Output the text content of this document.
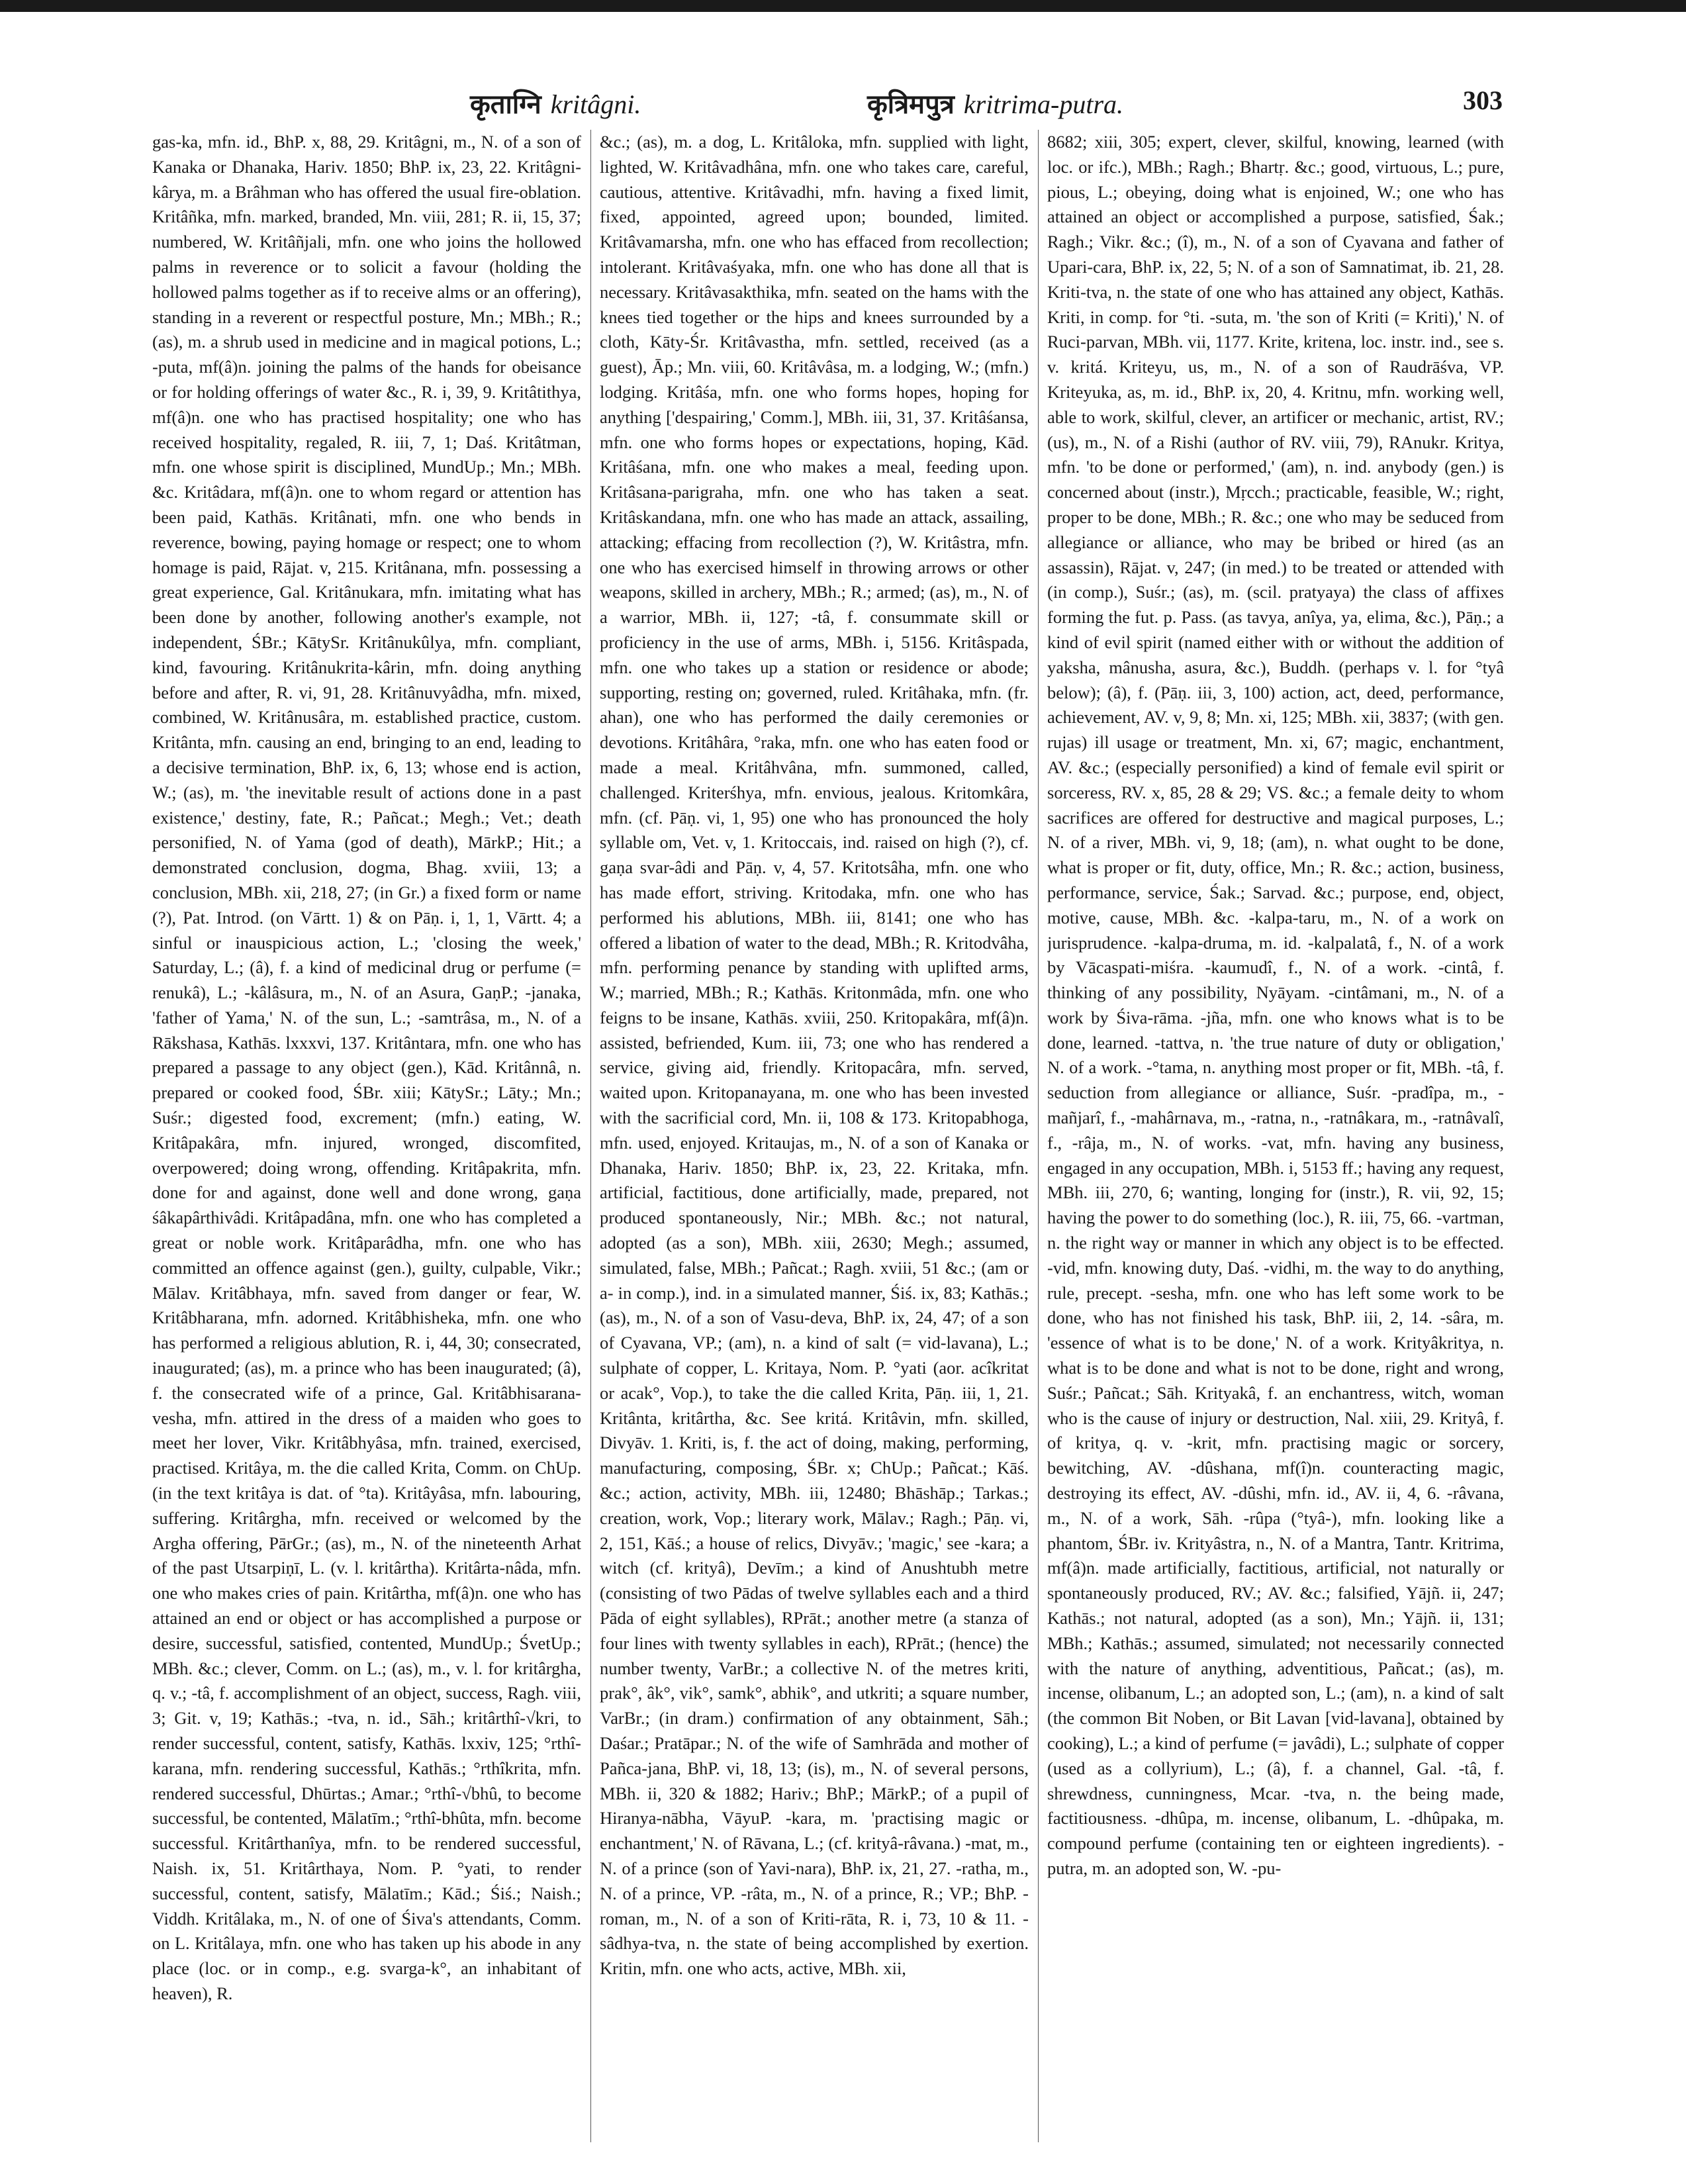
कृताग्नि kritâgni.	कृत्रिमपुत्र kritrima-putra.	303

gas-ka, mfn. id., BhP. x, 88, 29. Kritâgni, m., N. of a son of Kanaka or Dhanaka, Hariv. 1850; BhP. ix, 23, 22. Kritâgni-kârya, m. a Brâhman who has offered the usual fire-oblation. Kritâñka, mfn. marked, branded, Mn. viii, 281; R. ii, 15, 37; numbered, W. Kritâñjali, mfn. one who joins the hollowed palms in reverence or to solicit a favour (holding the hollowed palms together as if to receive alms or an offering), standing in a reverent or respectful posture, Mn.; MBh.; R.; (as), m. a shrub used in medicine and in magical potions, L.; -puta, mf(â)n. joining the palms of the hands for obeisance or for holding offerings of water &c., R. i, 39, 9. Kritâtithya, mf(â)n. one who has practised hospitality; one who has received hospitality, regaled, R. iii, 7, 1; Daś. Kritâtman, mfn. one whose spirit is disciplined, MundUp.; Mn.; MBh. &c. Kritâdara, mf(â)n. one to whom regard or attention has been paid, Kathās. Kritânati, mfn. one who bends in reverence, bowing, paying homage or respect; one to whom homage is paid, Rājat. v, 215. Kritânana, mfn. possessing a great experience, Gal. Kritânukara, mfn. imitating what has been done by another, following another's example, not independent, ŚBr.; KātySr. Kritânukûlya, mfn. compliant, kind, favouring. Kritânukrita-kârin, mfn. doing anything before and after, R. vi, 91, 28. Kritânuvyâdha, mfn. mixed, combined, W. Kritânusâra, m. established practice, custom. Kritânta, mfn. causing an end, bringing to an end, leading to a decisive termination, BhP. ix, 6, 13; whose end is action, W.; (as), m. 'the inevitable result of actions done in a past existence,' destiny, fate, R.; Pañcat.; Megh.; Vet.; death personified, N. of Yama (god of death), MārkP.; Hit.; a demonstrated conclusion, dogma, Bhag. xviii, 13; a conclusion, MBh. xii, 218, 27; (in Gr.) a fixed form or name (?), Pat. Introd. (on Vārtt. 1) & on Pāṇ. i, 1, 1, Vārtt. 4; a sinful or inauspicious action, L.; 'closing the week,' Saturday, L.; (â), f. a kind of medicinal drug or perfume (= renukâ), L.; -kâlâsura, m., N. of an Asura, GaṇP.; -janaka, 'father of Yama,' N. of the sun, L.; -samtrâsa, m., N. of a Rākshasa, Kathās. lxxxvi, 137. Kritântara, mfn. one who has prepared a passage to any object (gen.), Kād. Kritânnâ, n. prepared or cooked food, ŚBr. xiii; KātySr.; Lāty.; Mn.; Suśr.; digested food, excrement; (mfn.) eating, W. Kritâpakâra, mfn. injured, wronged, discomfited, overpowered; doing wrong, offending. Kritâpakrita, mfn. done for and against, done well and done wrong, gaṇa śâkapârthivâdi. Kritâpadâna, mfn. one who has completed a great or noble work. Kritâparâdha, mfn. one who has committed an offence against (gen.), guilty, culpable, Vikr.; Mālav. Kritâbhaya, mfn. saved from danger or fear, W. Kritâbharana, mfn. adorned. Kritâbhisheka, mfn. one who has performed a religious ablution, R. i, 44, 30; consecrated, inaugurated; (as), m. a prince who has been inaugurated; (â), f. the consecrated wife of a prince, Gal. Kritâbhisarana-vesha, mfn. attired in the dress of a maiden who goes to meet her lover, Vikr. Kritâbhyâsa, mfn. trained, exercised, practised. Kritâya, m. the die called Krita, Comm. on ChUp. (in the text kritâya is dat. of °ta). Kritâyâsa, mfn. labouring, suffering. Kritârgha, mfn. received or welcomed by the Argha offering, PārGr.; (as), m., N. of the nineteenth Arhat of the past Utsarpiṇī, L. (v. l. kritârtha). Kritârta-nâda, mfn. one who makes cries of pain. Kritârtha, mf(â)n. one who has attained an end or object or has accomplished a purpose or desire, successful, satisfied, contented, MundUp.; ŚvetUp.; MBh. &c.; clever, Comm. on L.; (as), m., v. l. for kritârgha, q. v.; -tâ, f. accomplishment of an object, success, Ragh. viii, 3; Git. v, 19; Kathās.; -tva, n. id., Sāh.; kritârthî-√kri, to render successful, content, satisfy, Kathās. lxxiv, 125; °rthî-karana, mfn. rendering successful, Kathās.; °rthîkrita, mfn. rendered successful, Dhūrtas.; Amar.; °rthî-√bhû, to become successful, be contented, Mālatīm.; °rthî-bhûta, mfn. become successful. Kritârthanîya, mfn. to be rendered successful, Naish. ix, 51. Kritârthaya, Nom. P. °yati, to render successful, content, satisfy, Mālatīm.; Kād.; Śiś.; Naish.; Viddh. Kritâlaka, m., N. of one of Śiva's attendants, Comm. on L. Kritâlaya, mfn. one who has taken up his abode in any place (loc. or in comp., e.g. svarga-k°, an inhabitant of heaven), R.

&c.; (as), m. a dog, L. Kritâloka, mfn. supplied with light, lighted, W. Kritâvadhâna, mfn. one who takes care, careful, cautious, attentive. Kritâvadhi, mfn. having a fixed limit, fixed, appointed, agreed upon; bounded, limited. Kritâvamarsha, mfn. one who has effaced from recollection; intolerant. Kritâvaśyaka, mfn. one who has done all that is necessary. Kritâvasakthika, mfn. seated on the hams with the knees tied together or the hips and knees surrounded by a cloth, Kāty-Śr. Kritâvastha, mfn. settled, received (as a guest), Āp.; Mn. viii, 60. Kritâvâsa, m. a lodging, W.; (mfn.) lodging. Kritâśa, mfn. one who forms hopes, hoping for anything ['despairing,' Comm.], MBh. iii, 31, 37. Kritâśansa, mfn. one who forms hopes or expectations, hoping, Kād. Kritâśana, mfn. one who makes a meal, feeding upon. Kritâsana-parigraha, mfn. one who has taken a seat. Kritâskandana, mfn. one who has made an attack, assailing, attacking; effacing from recollection (?), W. Kritâstra, mfn. one who has exercised himself in throwing arrows or other weapons, skilled in archery, MBh.; R.; armed; (as), m., N. of a warrior, MBh. ii, 127; -tâ, f. consummate skill or proficiency in the use of arms, MBh. i, 5156. Kritâspada, mfn. one who takes up a station or residence or abode; supporting, resting on; governed, ruled. Kritâhaka, mfn. (fr. ahan), one who has performed the daily ceremonies or devotions. Kritâhâra, °raka, mfn. one who has eaten food or made a meal. Kritâhvâna, mfn. summoned, called, challenged. Kriterśhya, mfn. envious, jealous. Kritomkâra, mfn. (cf. Pāṇ. vi, 1, 95) one who has pronounced the holy syllable om, Vet. v, 1. Kritoccais, ind. raised on high (?), cf. gaṇa svar-âdi and Pāṇ. v, 4, 57. Kritotsâha, mfn. one who has made effort, striving. Kritodaka, mfn. one who has performed his ablutions, MBh. iii, 8141; one who has offered a libation of water to the dead, MBh.; R. Kritodvâha, mfn. performing penance by standing with uplifted arms, W.; married, MBh.; R.; Kathās. Kritonmâda, mfn. one who feigns to be insane, Kathās. xviii, 250. Kritopakâra, mf(â)n. assisted, befriended, Kum. iii, 73; one who has rendered a service, giving aid, friendly. Kritopacâra, mfn. served, waited upon. Kritopanayana, m. one who has been invested with the sacrificial cord, Mn. ii, 108 & 173. Kritopabhoga, mfn. used, enjoyed. Kritaujas, m., N. of a son of Kanaka or Dhanaka, Hariv. 1850; BhP. ix, 23, 22. Kritaka, mfn. artificial, factitious, done artificially, made, prepared, not produced spontaneously, Nir.; MBh. &c.; not natural, adopted (as a son), MBh. xiii, 2630; Megh.; assumed, simulated, false, MBh.; Pañcat.; Ragh. xviii, 51 &c.; (am or a- in comp.), ind. in a simulated manner, Śiś. ix, 83; Kathās.; (as), m., N. of a son of Vasu-deva, BhP. ix, 24, 47; of a son of Cyavana, VP.; (am), n. a kind of salt (= vid-lavana), L.; sulphate of copper, L. Kritaya, Nom. P. °yati (aor. acîkritat or acak°, Vop.), to take the die called Krita, Pāṇ. iii, 1, 21. Kritânta, kritârtha, &c. See kritá. Kritâvin, mfn. skilled, Divyāv. 1. Kriti, is, f. the act of doing, making, performing, manufacturing, composing, ŚBr. x; ChUp.; Pañcat.; Kāś. &c.; action, activity, MBh. iii, 12480; Bhāshāp.; Tarkas.; creation, work, Vop.; literary work, Mālav.; Ragh.; Pāṇ. vi, 2, 151, Kāś.; a house of relics, Divyāv.; 'magic,' see -kara; a witch (cf. krityâ), Devīm.; a kind of Anushtubh metre (consisting of two Pādas of twelve syllables each and a third Pāda of eight syllables), RPrāt.; another metre (a stanza of four lines with twenty syllables in each), RPrāt.; (hence) the number twenty, VarBr.; a collective N. of the metres kriti, prak°, âk°, vik°, samk°, abhik°, and utkriti; a square number, VarBr.; (in dram.) confirmation of any obtainment, Sāh.; Daśar.; Pratāpar.; N. of the wife of Samhrāda and mother of Pañca-jana, BhP. vi, 18, 13; (is), m., N. of several persons, MBh. ii, 320 & 1882; Hariv.; BhP.; MārkP.; of a pupil of Hiranya-nābha, VāyuP. -kara, m. 'practising magic or enchantment,' N. of Rāvana, L.; (cf. krityâ-râvana.) -mat, m., N. of a prince (son of Yavi-nara), BhP. ix, 21, 27. -ratha, m., N. of a prince, VP. -râta, m., N. of a prince, R.; VP.; BhP. -roman, m., N. of a son of Kriti-rāta, R. i, 73, 10 & 11. -sâdhya-tva, n. the state of being accomplished by exertion. Kritin, mfn. one who acts, active, MBh. xii,

8682; xiii, 305; expert, clever, skilful, knowing, learned (with loc. or ifc.), MBh.; Ragh.; Bhartṛ. &c.; good, virtuous, L.; pure, pious, L.; obeying, doing what is enjoined, W.; one who has attained an object or accomplished a purpose, satisfied, Śak.; Ragh.; Vikr. &c.; (î), m., N. of a son of Cyavana and father of Upari-cara, BhP. ix, 22, 5; N. of a son of Samnatimat, ib. 21, 28. Kriti-tva, n. the state of one who has attained any object, Kathās. Kriti, in comp. for °ti. -suta, m. 'the son of Kriti (= Kriti),' N. of Ruci-parvan, MBh. vii, 1177. Krite, kritena, loc. instr. ind., see s. v. kritá. Kriteyu, us, m., N. of a son of Raudrāśva, VP. Kriteyuka, as, m. id., BhP. ix, 20, 4. Kritnu, mfn. working well, able to work, skilful, clever, an artificer or mechanic, artist, RV.; (us), m., N. of a Rishi (author of RV. viii, 79), RAnukr. Kritya, mfn. 'to be done or performed,' (am), n. ind. anybody (gen.) is concerned about (instr.), Mṛcch.; practicable, feasible, W.; right, proper to be done, MBh.; R. &c.; one who may be seduced from allegiance or alliance, who may be bribed or hired (as an assassin), Rājat. v, 247; (in med.) to be treated or attended with (in comp.), Suśr.; (as), m. (scil. pratyaya) the class of affixes forming the fut. p. Pass. (as tavya, anîya, ya, elima, &c.), Pāṇ.; a kind of evil spirit (named either with or without the addition of yaksha, mânusha, asura, &c.), Buddh. (perhaps v. l. for °tyâ below); (â), f. (Pāṇ. iii, 3, 100) action, act, deed, performance, achievement, AV. v, 9, 8; Mn. xi, 125; MBh. xii, 3837; (with gen. rujas) ill usage or treatment, Mn. xi, 67; magic, enchantment, AV. &c.; (especially personified) a kind of female evil spirit or sorceress, RV. x, 85, 28 & 29; VS. &c.; a female deity to whom sacrifices are offered for destructive and magical purposes, L.; N. of a river, MBh. vi, 9, 18; (am), n. what ought to be done, what is proper or fit, duty, office, Mn.; R. &c.; action, business, performance, service, Śak.; Sarvad. &c.; purpose, end, object, motive, cause, MBh. &c. -kalpa-taru, m., N. of a work on jurisprudence. -kalpa-druma, m. id. -kalpalatâ, f., N. of a work by Vācaspati-miśra. -kaumudî, f., N. of a work. -cintâ, f. thinking of any possibility, Nyāyam. -cintâmani, m., N. of a work by Śiva-rāma. -jña, mfn. one who knows what is to be done, learned. -tattva, n. 'the true nature of duty or obligation,' N. of a work. -°tama, n. anything most proper or fit, MBh. -tâ, f. seduction from allegiance or alliance, Suśr. -pradîpa, m., -mañjarî, f., -mahârnava, m., -ratna, n., -ratnâkara, m., -ratnâvalî, f., -râja, m., N. of works. -vat, mfn. having any business, engaged in any occupation, MBh. i, 5153 ff.; having any request, MBh. iii, 270, 6; wanting, longing for (instr.), R. vii, 92, 15; having the power to do something (loc.), R. iii, 75, 66. -vartman, n. the right way or manner in which any object is to be effected. -vid, mfn. knowing duty, Daś. -vidhi, m. the way to do anything, rule, precept. -sesha, mfn. one who has left some work to be done, who has not finished his task, BhP. iii, 2, 14. -sâra, m. 'essence of what is to be done,' N. of a work. Krityâkritya, n. what is to be done and what is not to be done, right and wrong, Suśr.; Pañcat.; Sāh. Krityakâ, f. an enchantress, witch, woman who is the cause of injury or destruction, Nal. xiii, 29. Krityâ, f. of kritya, q. v. -krit, mfn. practising magic or sorcery, bewitching, AV. -dûshana, mf(î)n. counteracting magic, destroying its effect, AV. -dûshi, mfn. id., AV. ii, 4, 6. -râvana, m., N. of a work, Sāh. -rûpa (°tyâ-), mfn. looking like a phantom, ŚBr. iv. Krityâstra, n., N. of a Mantra, Tantr. Kritrima, mf(â)n. made artificially, factitious, artificial, not naturally or spontaneously produced, RV.; AV. &c.; falsified, Yājñ. ii, 247; Kathās.; not natural, adopted (as a son), Mn.; Yājñ. ii, 131; MBh.; Kathās.; assumed, simulated; not necessarily connected with the nature of anything, adventitious, Pañcat.; (as), m. incense, olibanum, L.; an adopted son, L.; (am), n. a kind of salt (the common Bit Noben, or Bit Lavan [vid-lavana], obtained by cooking), L.; a kind of perfume (= javâdi), L.; sulphate of copper (used as a collyrium), L.; (â), f. a channel, Gal. -tâ, f. shrewdness, cunningness, Mcar. -tva, n. the being made, factitiousness. -dhûpa, m. incense, olibanum, L. -dhûpaka, m. compound perfume (containing ten or eighteen ingredients). -putra, m. an adopted son, W. -pu-
